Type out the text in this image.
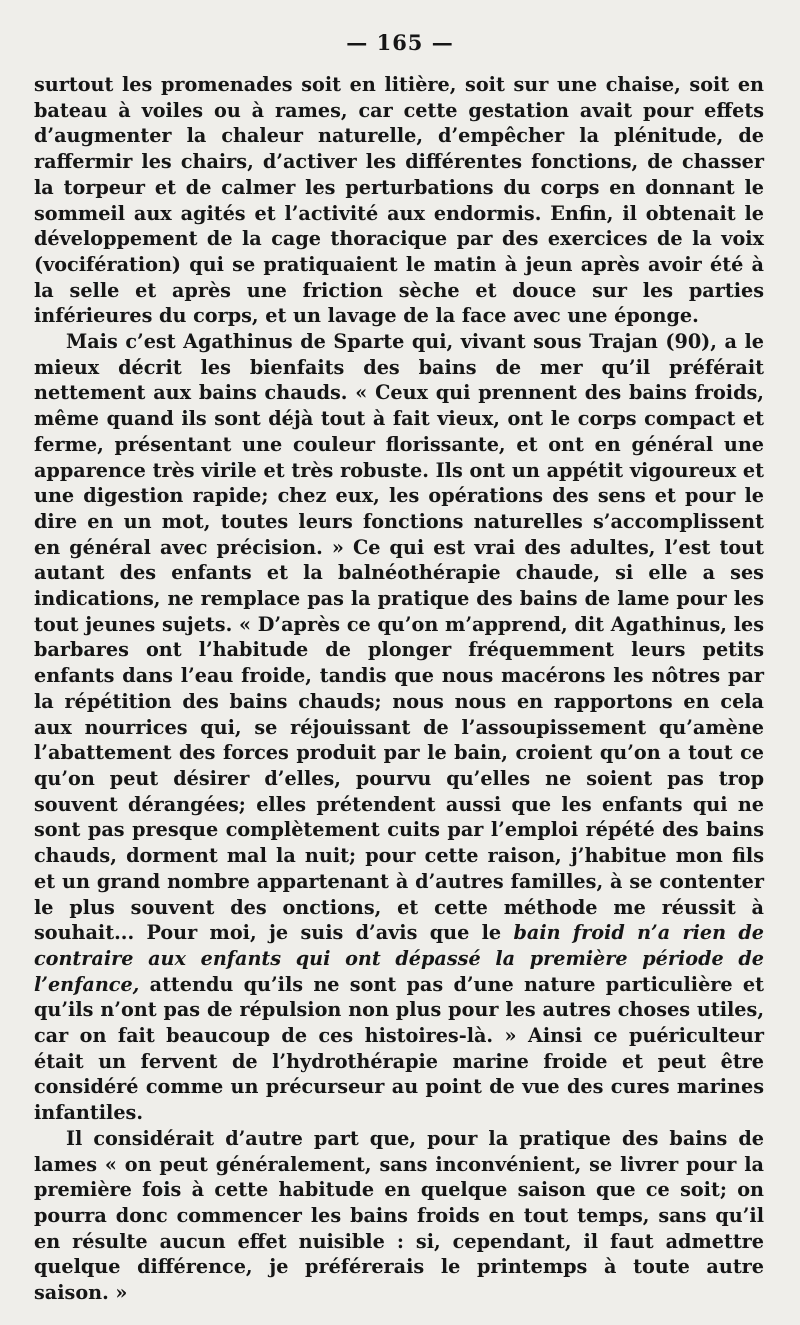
— 165 —

surtout les promenades soit en litière, soit sur une chaise, soit en bateau à voiles ou à rames, car cette gestation avait pour effets d’augmenter la chaleur naturelle, d’empêcher la plénitude, de raffermir les chairs, d’activer les différentes fonctions, de chasser la torpeur et de calmer les perturbations du corps en donnant le sommeil aux agités et l’activité aux endormis. Enfin, il obtenait le développement de la cage thoracique par des exercices de la voix (vocifération) qui se pratiquaient le matin à jeun après avoir été à la selle et après une friction sèche et douce sur les parties inférieures du corps, et un lavage de la face avec une éponge.

Mais c’est Agathinus de Sparte qui, vivant sous Trajan (90), a le mieux décrit les bienfaits des bains de mer qu’il préférait nettement aux bains chauds. « Ceux qui prennent des bains froids, même quand ils sont déjà tout à fait vieux, ont le corps compact et ferme, présentant une couleur florissante, et ont en général une apparence très virile et très robuste. Ils ont un appétit vigoureux et une digestion rapide; chez eux, les opérations des sens et pour le dire en un mot, toutes leurs fonctions naturelles s’accomplissent en général avec précision. » Ce qui est vrai des adultes, l’est tout autant des enfants et la balnéothérapie chaude, si elle a ses indications, ne remplace pas la pratique des bains de lame pour les tout jeunes sujets. « D’après ce qu’on m’apprend, dit Agathinus, les barbares ont l’habitude de plonger fréquemment leurs petits enfants dans l’eau froide, tandis que nous macérons les nôtres par la répétition des bains chauds; nous nous en rapportons en cela aux nourrices qui, se réjouissant de l’assoupissement qu’amène l’abattement des forces produit par le bain, croient qu’on a tout ce qu’on peut désirer d’elles, pourvu qu’elles ne soient pas trop souvent dérangées; elles prétendent aussi que les enfants qui ne sont pas presque complètement cuits par l’emploi répété des bains chauds, dorment mal la nuit; pour cette raison, j’habitue mon fils et un grand nombre appartenant à d’autres familles, à se contenter le plus souvent des onctions, et cette méthode me réussit à souhait... Pour moi, je suis d’avis que le bain froid n’a rien de contraire aux enfants qui ont dépassé la première période de l’enfance, attendu qu’ils ne sont pas d’une nature particulière et qu’ils n’ont pas de répulsion non plus pour les autres choses utiles, car on fait beaucoup de ces histoires-là. » Ainsi ce puériculteur était un fervent de l’hydrothérapie marine froide et peut être considéré comme un précurseur au point de vue des cures marines infantiles.

Il considérait d’autre part que, pour la pratique des bains de lames « on peut généralement, sans inconvénient, se livrer pour la première fois à cette habitude en quelque saison que ce soit; on pourra donc commencer les bains froids en tout temps, sans qu’il en résulte aucun effet nuisible : si, cependant, il faut admettre quelque différence, je préférerais le printemps à toute autre saison. »
